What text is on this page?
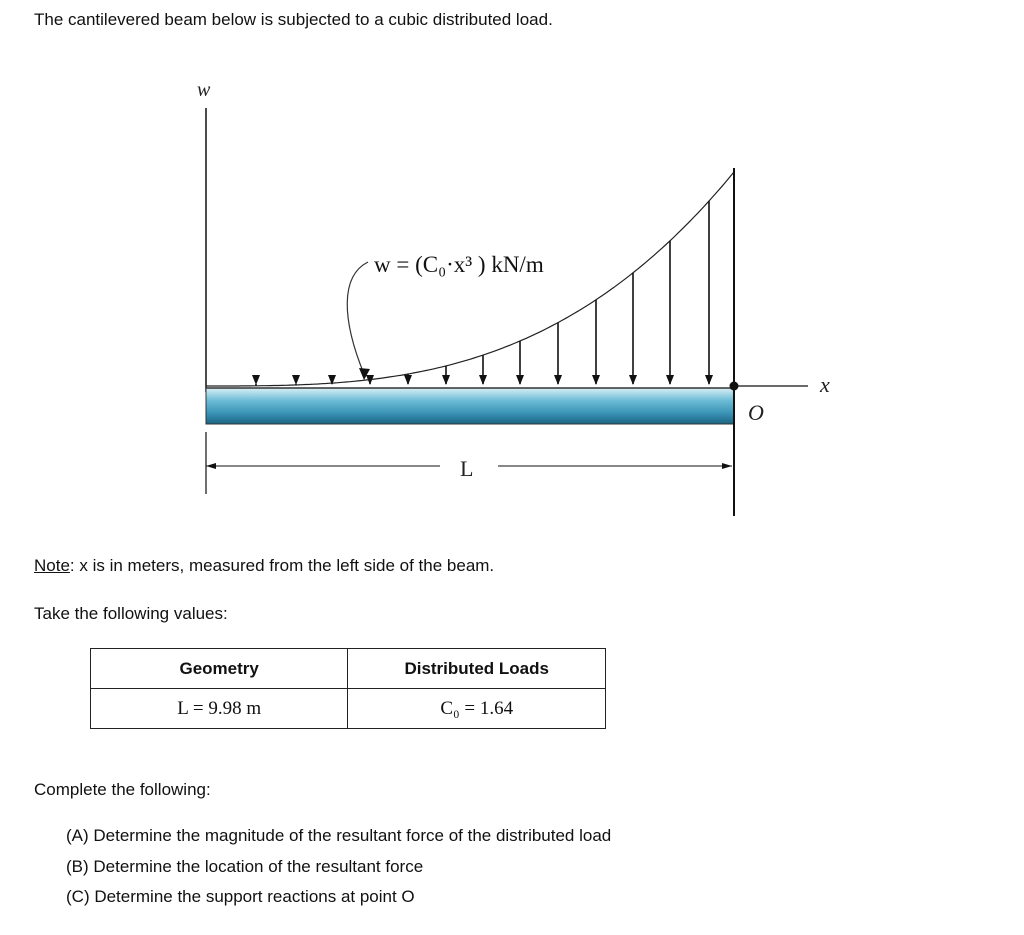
The cantilevered beam below is subjected to a cubic distributed load.
w
x
O
w = (C₀·x³ ) kN/m
L
Note: x is in meters, measured from the left side of the beam.
Take the following values:
Geometry	Distributed Loads
L = 9.98 m	C₀ = 1.64
Complete the following:
(A) Determine the magnitude of the resultant force of the distributed load
(B) Determine the location of the resultant force
(C) Determine the support reactions at point O
